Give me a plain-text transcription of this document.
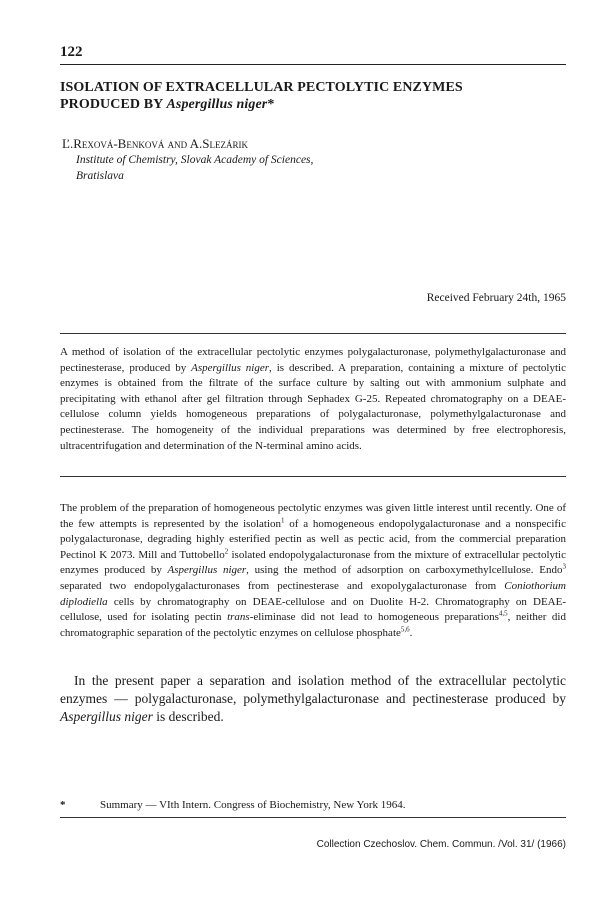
122
ISOLATION OF EXTRACELLULAR PECTOLYTIC ENZYMES
PRODUCED BY Aspergillus niger*
Ľ.Rexová-Benková and A.Slezárik
Institute of Chemistry, Slovak Academy of Sciences,
Bratislava
Received February 24th, 1965
A method of isolation of the extracellular pectolytic enzymes polygalacturonase, polymethylgalacturonase and pectinesterase, produced by Aspergillus niger, is described. A preparation, containing a mixture of pectolytic enzymes is obtained from the filtrate of the surface culture by salting out with ammonium sulphate and precipitating with ethanol after gel filtration through Sephadex G-25. Repeated chromatography on a DEAE-cellulose column yields homogeneous preparations of polygalacturonase, polymethylgalacturonase and pectinesterase. The homogeneity of the individual preparations was determined by free electrophoresis, ultracentrifugation and determination of the N-terminal amino acids.
The problem of the preparation of homogeneous pectolytic enzymes was given little interest until recently. One of the few attempts is represented by the isolation$^1$ of a homogeneous endopolygalacturonase and a nonspecific polygalacturonase, degrading highly esterified pectin as well as pectic acid, from the commercial preparation Pectinol K 2073. Mill and Tuttobello$^2$ isolated endopolygalacturonase from the mixture of extracellular pectolytic enzymes produced by Aspergillus niger, using the method of adsorption on carboxymethylcellulose. Endo$^3$ separated two endopolygalacturonases from pectinesterase and exopolygalacturonase from Coniothorium diplodiella cells by chromatography on DEAE-cellulose and on Duolite H-2. Chromatography on DEAE-cellulose, used for isolating pectin trans-eliminase did not lead to homogeneous preparations$^{4,5}$, neither did chromatographic separation of the pectolytic enzymes on cellulose phosphate$^{5,6}$.
In the present paper a separation and isolation method of the extracellular pectolytic enzymes — polygalacturonase, polymethylgalacturonase and pectinesterase produced by Aspergillus niger is described.
*	Summary — VIth Intern. Congress of Biochemistry, New York 1964.
Collection Czechoslov. Chem. Commun. /Vol. 31/ (1966)
